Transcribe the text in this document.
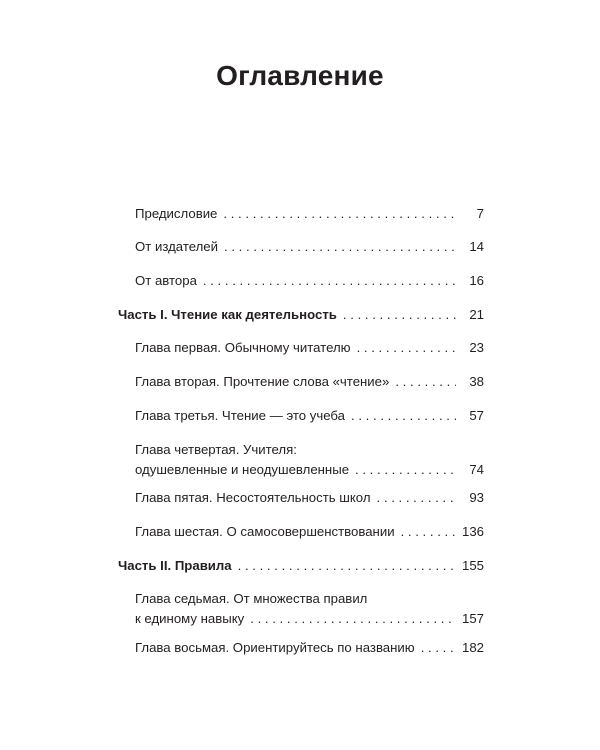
Оглавление
Предисловие . . .	7
От издателей . . .	14
От автора . . .	16
Часть I. Чтение как деятельность . . .	21
Глава первая. Обычному читателю . . .	23
Глава вторая. Прочтение слова «чтение» . . .	38
Глава третья. Чтение — это учеба . . .	57
Глава четвертая. Учителя:
одушевленные и неодушевленные . . .	74
Глава пятая. Несостоятельность школ . . .	93
Глава шестая. О самосовершенствовании . . .	136
Часть II. Правила . . .	155
Глава седьмая. От множества правил
к единому навыку . . .	157
Глава восьмая. Ориентируйтесь по названию . . .	182
